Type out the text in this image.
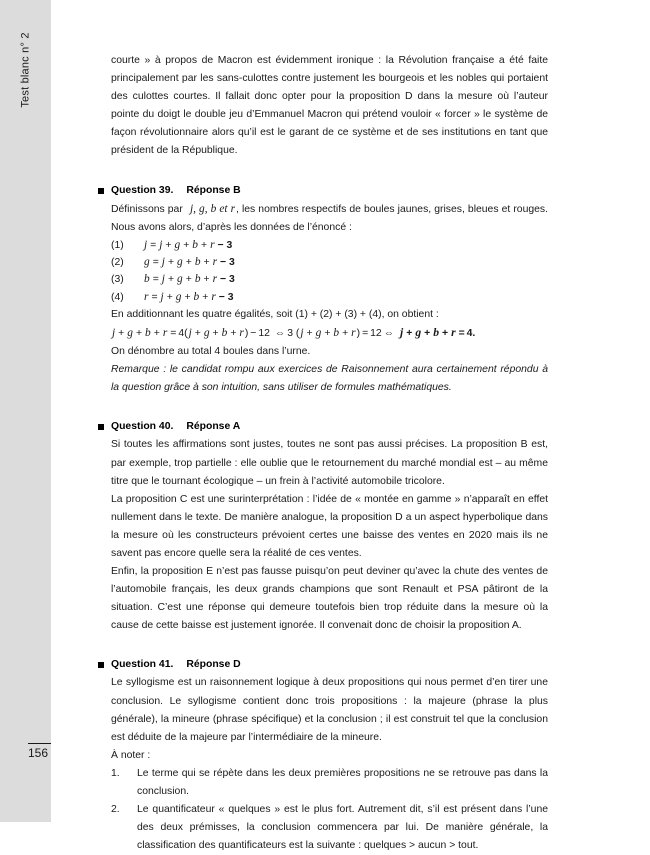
Test blanc n° 2
156

courte » à propos de Macron est évidemment ironique : la Révolution française a été faite principalement par les sans-culottes contre justement les bourgeois et les nobles qui portaient des culottes courtes. Il fallait donc opter pour la proposition D dans la mesure où l’auteur pointe du doigt le double jeu d’Emmanuel Macron qui prétend vouloir « forcer » le système de façon révolutionnaire alors qu’il est le garant de ce système et de ses institutions en tant que président de la République.

Question 39. Réponse B

Définissons par j, g, b et r, les nombres respectifs de boules jaunes, grises, bleues et rouges. Nous avons alors, d’après les données de l’énoncé :

(1) j = j + g + b + r − 3
(2) g = j + g + b + r − 3
(3) b = j + g + b + r − 3
(4) r = j + g + b + r − 3

En additionnant les quatre égalités, soit (1) + (2) + (3) + (4), on obtient :

j + g + b + r = 4(j + g + b + r) − 12 ⇔ 3 (j + g + b + r) = 12 ⇔ j + g + b + r = 4.

On dénombre au total 4 boules dans l’urne.

Remarque : le candidat rompu aux exercices de Raisonnement aura certainement répondu à la question grâce à son intuition, sans utiliser de formules mathématiques.

Question 40. Réponse A

Si toutes les affirmations sont justes, toutes ne sont pas aussi précises. La proposition B est, par exemple, trop partielle : elle oublie que le retournement du marché mondial est – au même titre que le tournant écologique – un frein à l’activité automobile tricolore.

La proposition C est une surinterprétation : l’idée de « montée en gamme » n’apparaît en effet nullement dans le texte. De manière analogue, la proposition D a un aspect hyperbolique dans la mesure où les constructeurs prévoient certes une baisse des ventes en 2020 mais ils ne savent pas encore quelle sera la réalité de ces ventes.

Enfin, la proposition E n’est pas fausse puisqu’on peut deviner qu’avec la chute des ventes de l’automobile français, les deux grands champions que sont Renault et PSA pâtiront de la situation. C’est une réponse qui demeure toutefois bien trop réduite dans la mesure où la cause de cette baisse est justement ignorée. Il convenait donc de choisir la proposition A.

Question 41. Réponse D

Le syllogisme est un raisonnement logique à deux propositions qui nous permet d’en tirer une conclusion. Le syllogisme contient donc trois propositions : la majeure (phrase la plus générale), la mineure (phrase spécifique) et la conclusion ; il est construit tel que la conclusion est déduite de la majeure par l’intermédiaire de la mineure.

À noter :

1.	Le terme qui se répète dans les deux premières propositions ne se retrouve pas dans la conclusion.
2.	Le quantificateur « quelques » est le plus fort. Autrement dit, s’il est présent dans l’une des deux prémisses, la conclusion commencera par lui. De manière générale, la classification des quantificateurs est la suivante : quelques > aucun > tout.
